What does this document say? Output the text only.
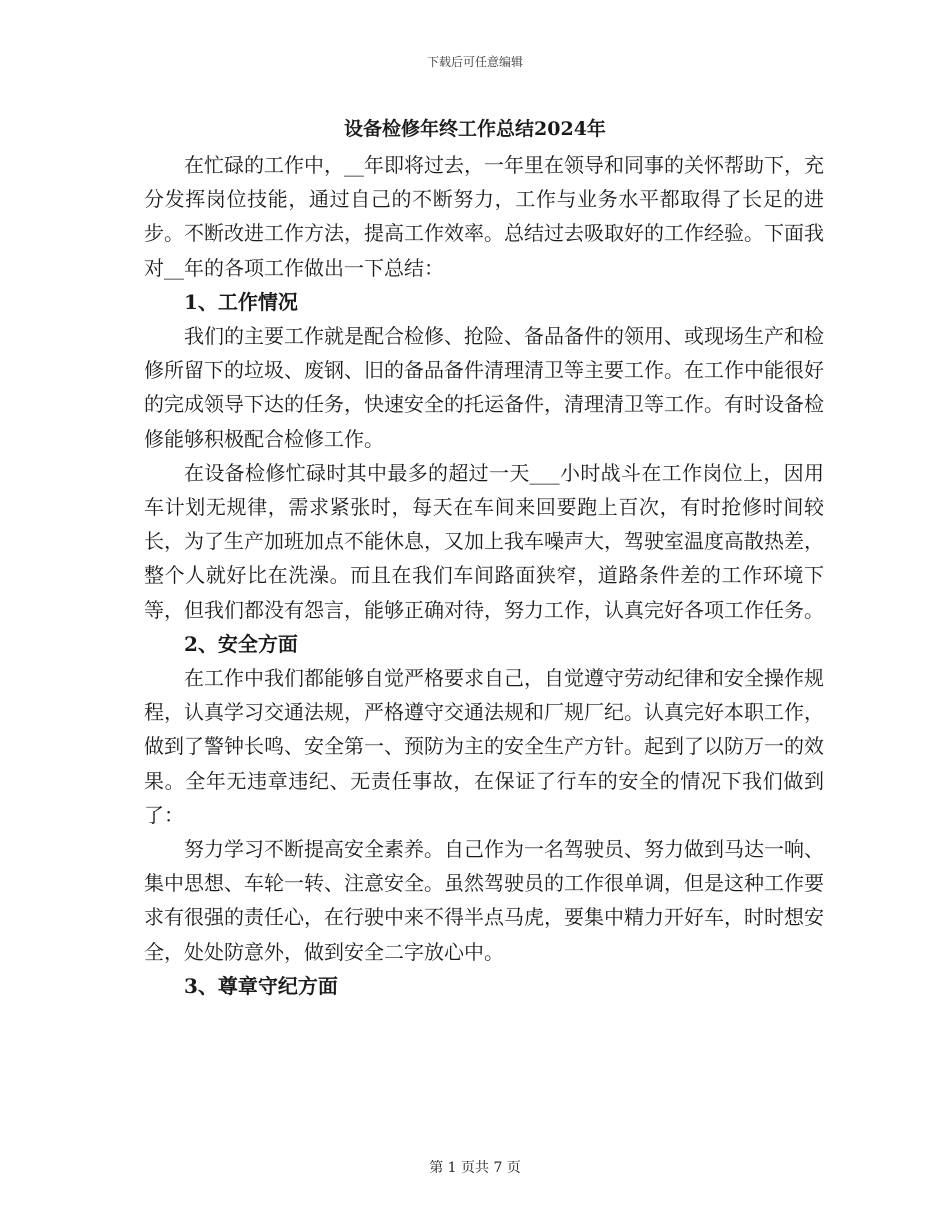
下载后可任意编辑
设备检修年终工作总结2024年

在忙碌的工作中，__年即将过去，一年里在领导和同事的关怀帮助下，充分发挥岗位技能，通过自己的不断努力，工作与业务水平都取得了长足的进步。不断改进工作方法，提高工作效率。总结过去吸取好的工作经验。下面我对__年的各项工作做出一下总结：

1、工作情况

我们的主要工作就是配合检修、抢险、备品备件的领用、或现场生产和检修所留下的垃圾、废钢、旧的备品备件清理清卫等主要工作。在工作中能很好的完成领导下达的任务，快速安全的托运备件，清理清卫等工作。有时设备检修能够积极配合检修工作。

在设备检修忙碌时其中最多的超过一天___小时战斗在工作岗位上，因用车计划无规律，需求紧张时，每天在车间来回要跑上百次，有时抢修时间较长，为了生产加班加点不能休息，又加上我车噪声大，驾驶室温度高散热差，整个人就好比在洗澡。而且在我们车间路面狭窄，道路条件差的工作环境下等，但我们都没有怨言，能够正确对待，努力工作，认真完好各项工作任务。

2、安全方面

在工作中我们都能够自觉严格要求自己，自觉遵守劳动纪律和安全操作规程，认真学习交通法规，严格遵守交通法规和厂规厂纪。认真完好本职工作，做到了警钟长鸣、安全第一、预防为主的安全生产方针。起到了以防万一的效果。全年无违章违纪、无责任事故，在保证了行车的安全的情况下我们做到了：

努力学习不断提高安全素养。自己作为一名驾驶员、努力做到马达一响、集中思想、车轮一转、注意安全。虽然驾驶员的工作很单调，但是这种工作要求有很强的责任心，在行驶中来不得半点马虎，要集中精力开好车，时时想安全，处处防意外，做到安全二字放心中。

3、尊章守纪方面

第 1 页共 7 页
